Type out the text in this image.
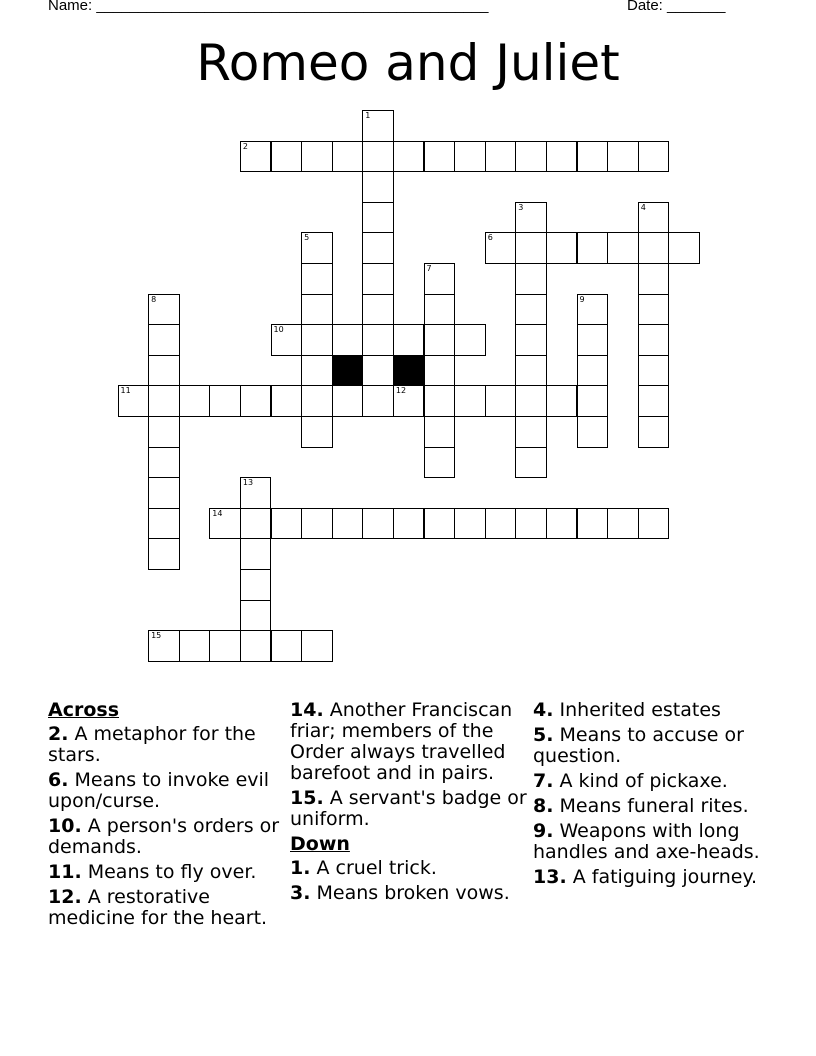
Name: _______________________________________________	Date: _______
Romeo and Juliet
1
2
3	4
5	6
7
8	9
10
11	12
13
14
15
Across
2. A metaphor for the stars.
6. Means to invoke evil upon/curse.
10. A person's orders or demands.
11. Means to fly over.
12. A restorative medicine for the heart.
14. Another Franciscan friar; members of the Order always travelled barefoot and in pairs.
15. A servant's badge or uniform.
Down
1. A cruel trick.
3. Means broken vows.
4. Inherited estates
5. Means to accuse or question.
7. A kind of pickaxe.
8. Means funeral rites.
9. Weapons with long handles and axe-heads.
13. A fatiguing journey.
